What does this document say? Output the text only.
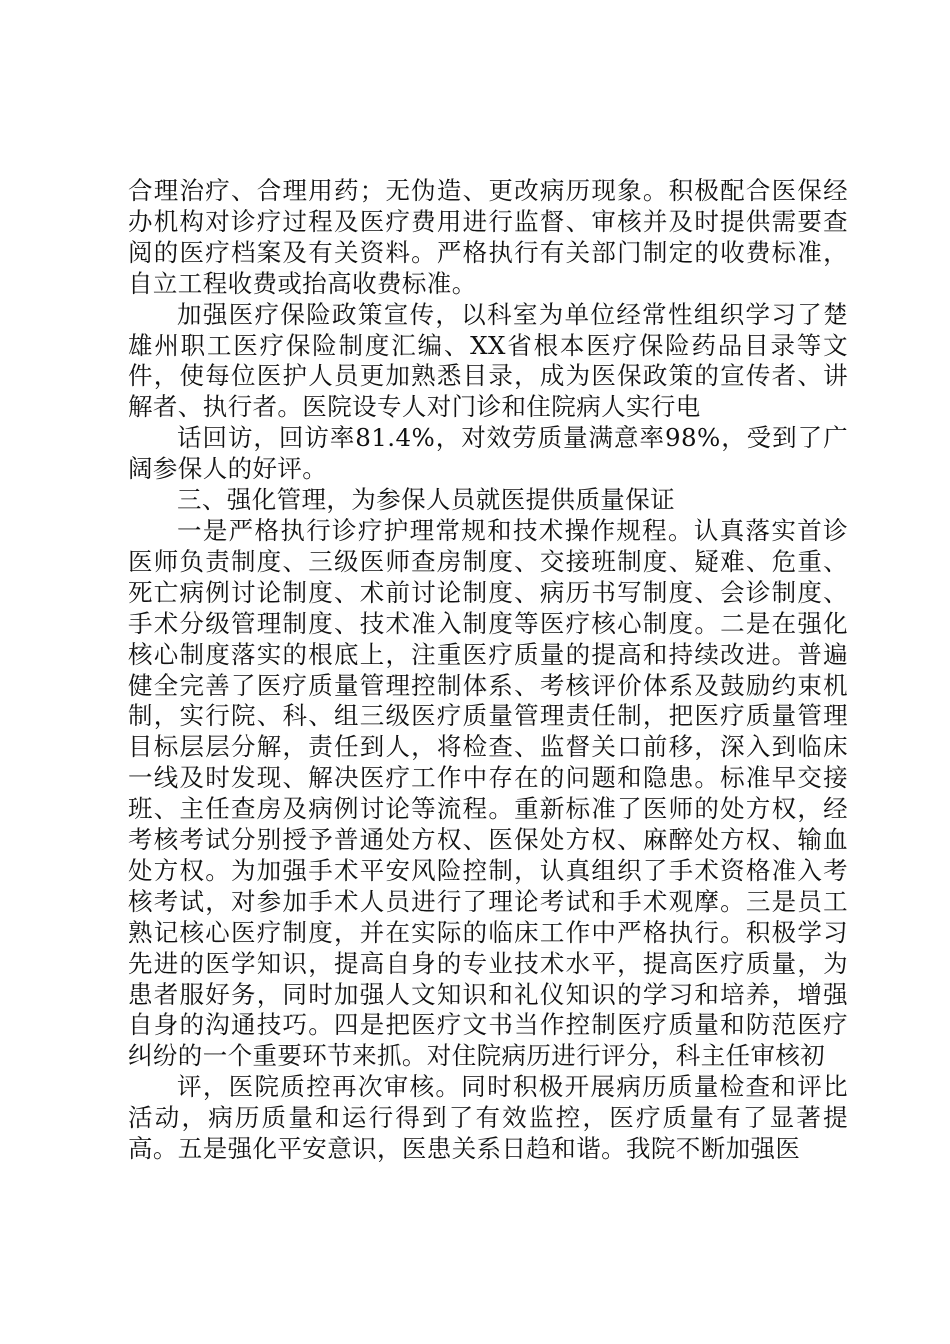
合理治疗、合理用药；无伪造、更改病历现象。积极配合医保经办机构对诊疗过程及医疗费用进行监督、审核并及时提供需要查阅的医疗档案及有关资料。严格执行有关部门制定的收费标准，自立工程收费或抬高收费标准。

加强医疗保险政策宣传，以科室为单位经常性组织学习了楚雄州职工医疗保险制度汇编、XX省根本医疗保险药品目录等文件，使每位医护人员更加熟悉目录，成为医保政策的宣传者、讲解者、执行者。医院设专人对门诊和住院病人实行电

话回访，回访率81.4%，对效劳质量满意率98%，受到了广阔参保人的好评。

三、强化管理，为参保人员就医提供质量保证

一是严格执行诊疗护理常规和技术操作规程。认真落实首诊医师负责制度、三级医师查房制度、交接班制度、疑难、危重、死亡病例讨论制度、术前讨论制度、病历书写制度、会诊制度、手术分级管理制度、技术准入制度等医疗核心制度。二是在强化核心制度落实的根底上，注重医疗质量的提高和持续改进。普遍健全完善了医疗质量管理控制体系、考核评价体系及鼓励约束机制，实行院、科、组三级医疗质量管理责任制，把医疗质量管理目标层层分解，责任到人，将检查、监督关口前移，深入到临床一线及时发现、解决医疗工作中存在的问题和隐患。标准早交接班、主任查房及病例讨论等流程。重新标准了医师的处方权，经考核考试分别授予普通处方权、医保处方权、麻醉处方权、输血处方权。为加强手术平安风险控制，认真组织了手术资格准入考核考试，对参加手术人员进行了理论考试和手术观摩。三是员工熟记核心医疗制度，并在实际的临床工作中严格执行。积极学习先进的医学知识，提高自身的专业技术水平，提高医疗质量，为患者服好务，同时加强人文知识和礼仪知识的学习和培养，增强自身的沟通技巧。四是把医疗文书当作控制医疗质量和防范医疗纠纷的一个重要环节来抓。对住院病历进行评分，科主任审核初

评，医院质控再次审核。同时积极开展病历质量检查和评比活动，病历质量和运行得到了有效监控，医疗质量有了显著提高。五是强化平安意识，医患关系日趋和谐。我院不断加强医
